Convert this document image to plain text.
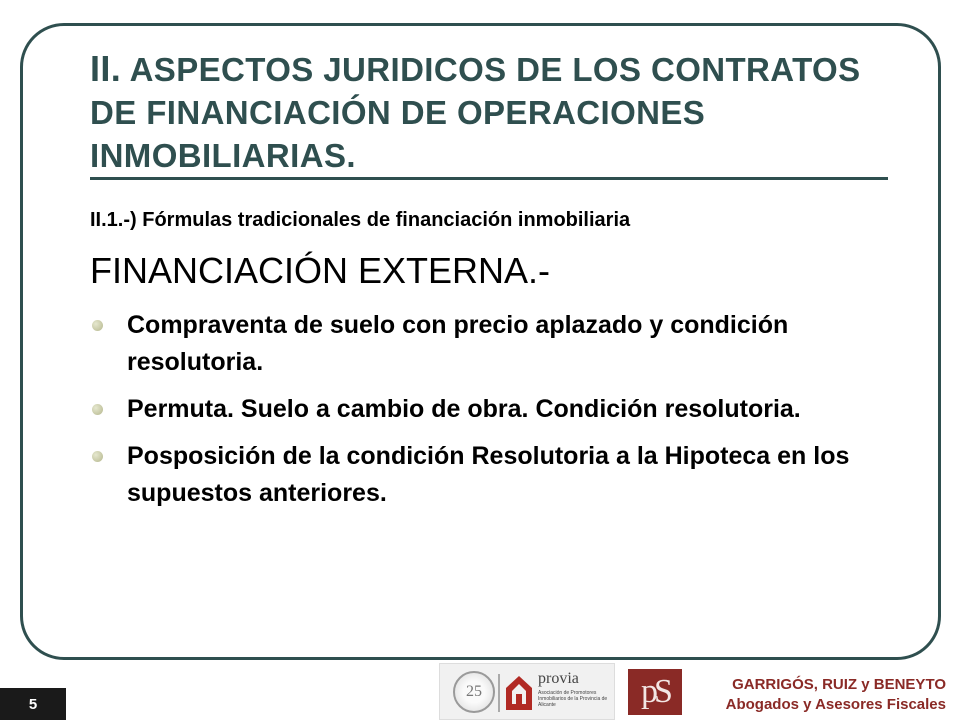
II. ASPECTOS JURIDICOS DE LOS CONTRATOS DE FINANCIACIÓN DE OPERACIONES INMOBILIARIAS.

II.1.-) Fórmulas tradicionales de financiación inmobiliaria

FINANCIACIÓN EXTERNA.-

Compraventa de suelo con precio aplazado y condición resolutoria.
Permuta. Suelo a cambio de obra. Condición resolutoria.
Posposición de la condición Resolutoria a la Hipoteca en los supuestos anteriores.
5
25
provia
Asociación de Promotores Inmobiliarios de la Provincia de Alicante	pS	GARRIGÓS, RUIZ y BENEYTO
Abogados y Asesores Fiscales
